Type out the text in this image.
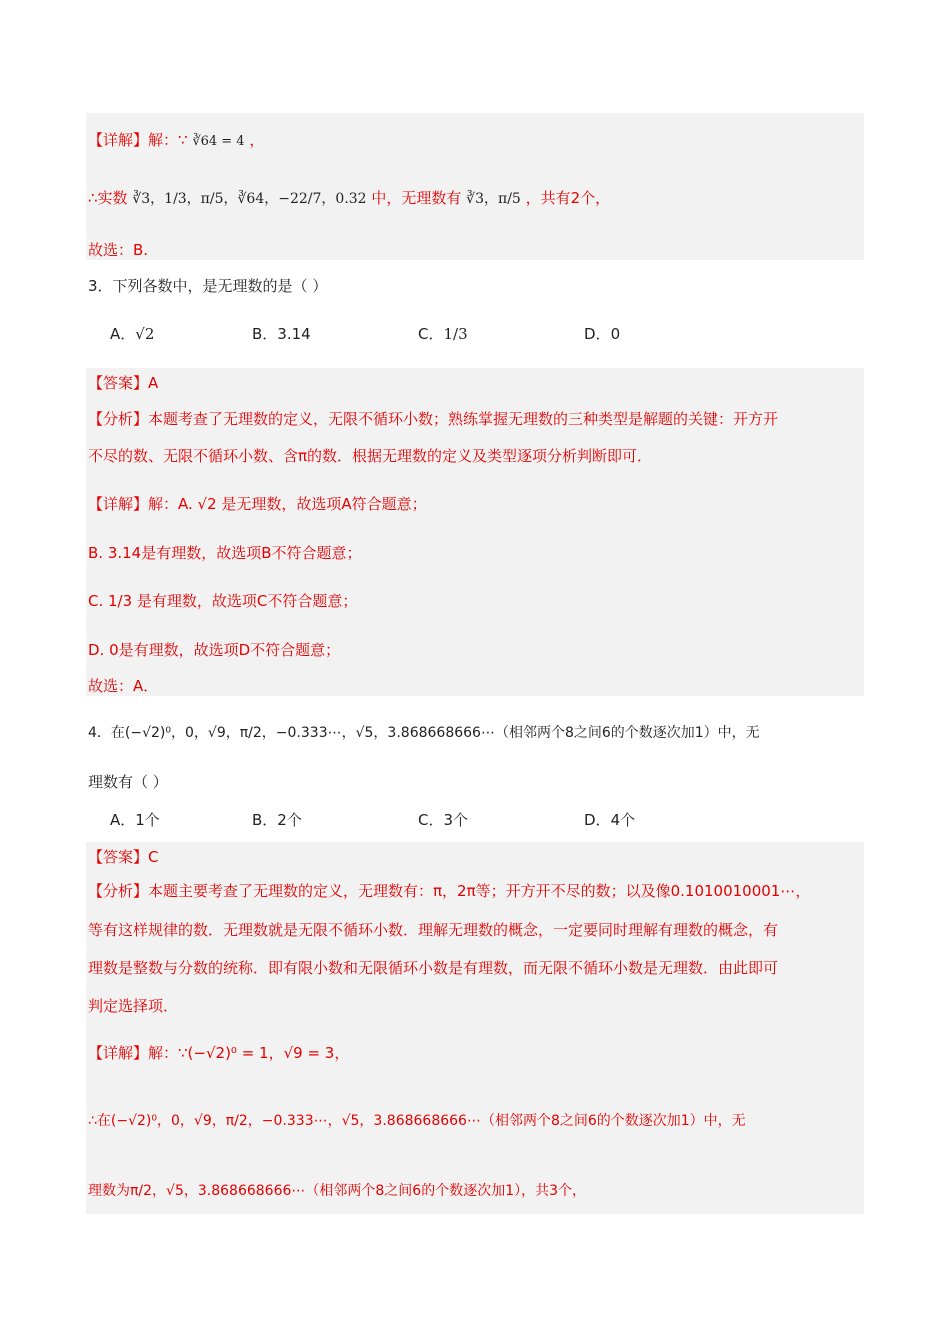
【详解】解：∵ ∛64 = 4 ，
∴实数 ∛3，1/3，π/5，∛64，−22/7，0.32 中，无理数有 ∛3，π/5 ，共有2个，
故选：B.
3．下列各数中，是无理数的是（ ）
A．√2	B．3.14	C．1/3	D．0
【答案】A
【分析】本题考查了无理数的定义，无限不循环小数；熟练掌握无理数的三种类型是解题的关键：开方开
不尽的数、无限不循环小数、含π的数．根据无理数的定义及类型逐项分析判断即可．
【详解】解：A. √2 是无理数，故选项A符合题意；
B. 3.14是有理数，故选项B不符合题意；
C. 1/3 是有理数，故选项C不符合题意；
D. 0是有理数，故选项D不符合题意；
故选：A．
4．在(−√2)⁰，0，√9，π/2，−0.333⋯，√5，3.868668666⋯（相邻两个8之间6的个数逐次加1）中，无
理数有（ ）
A．1个	B．2个	C．3个	D．4个
【答案】C
【分析】本题主要考查了无理数的定义，无理数有：π，2π等；开方开不尽的数；以及像0.1010010001⋯，
等有这样规律的数．无理数就是无限不循环小数．理解无理数的概念，一定要同时理解有理数的概念，有
理数是整数与分数的统称．即有限小数和无限循环小数是有理数，而无限不循环小数是无理数．由此即可
判定选择项．
【详解】解：∵(−√2)⁰ = 1，√9 = 3，
∴在(−√2)⁰，0，√9，π/2，−0.333⋯，√5，3.868668666⋯（相邻两个8之间6的个数逐次加1）中，无
理数为π/2，√5，3.868668666⋯（相邻两个8之间6的个数逐次加1），共3个，
